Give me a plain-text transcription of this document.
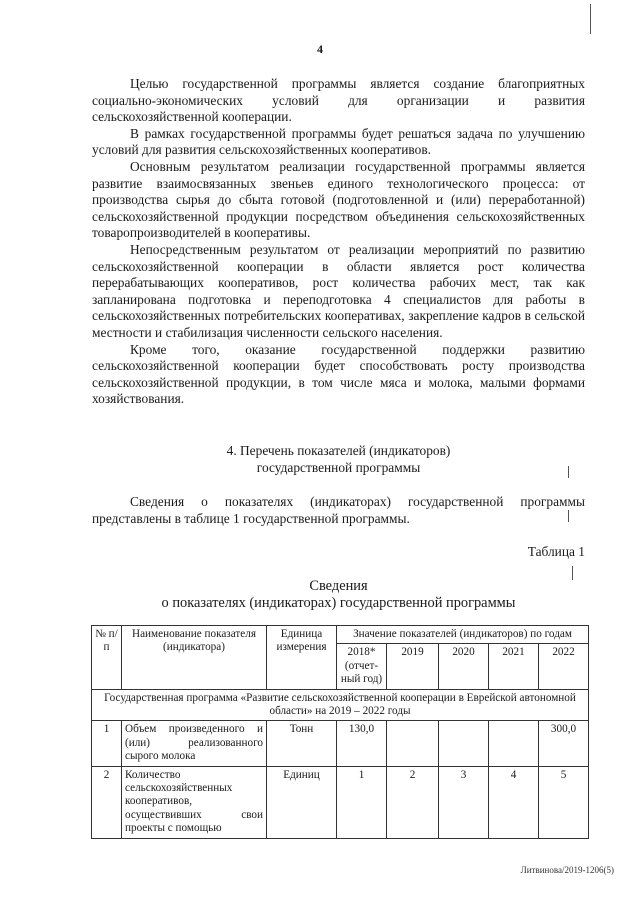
4

Целью государственной программы является создание благоприятных социально-экономических условий для организации и развития сельскохозяйственной кооперации.

В рамках государственной программы будет решаться задача по улучшению условий для развития сельскохозяйственных кооперативов.

Основным результатом реализации государственной программы является развитие взаимосвязанных звеньев единого технологического процесса: от производства сырья до сбыта готовой (подготовленной и (или) переработанной) сельскохозяйственной продукции посредством объединения сельскохозяйственных товаропроизводителей в кооперативы.

Непосредственным результатом от реализации мероприятий по развитию сельскохозяйственной кооперации в области является рост количества перерабатывающих кооперативов, рост количества рабочих мест, так как запланирована подготовка и переподготовка 4 специалистов для работы в сельскохозяйственных потребительских кооперативах, закрепление кадров в сельской местности и стабилизация численности сельского населения.

Кроме того, оказание государственной поддержки развитию сельскохозяйственной кооперации будет способствовать росту производства сельскохозяйственной продукции, в том числе мяса и молока, малыми формами хозяйствования.

4. Перечень показателей (индикаторов)

государственной программы

Сведения о показателях (индикаторах) государственной программы представлены в таблице 1 государственной программы.

Таблица 1

Сведения

о показателях (индикаторах) государственной программы

№ п/п	Наименование показателя (индикатора)	Единица измерения	Значение показателей (индикаторов) по годам				
			2018* (отчет-ный год)	2019	2020	2021	2022
Государственная программа «Развитие сельскохозяйственной кооперации в Еврейской автономной области» на 2019 – 2022 годы							
1	Объем произведенного и (или) реализованного сырого молока	Тонн	130,0				300,0
2	Количество сельскохозяйственных кооперативов, осуществивших свои проекты с помощью	Единиц	1	2	3	4	5
Литвинова/2019-1206(5)
